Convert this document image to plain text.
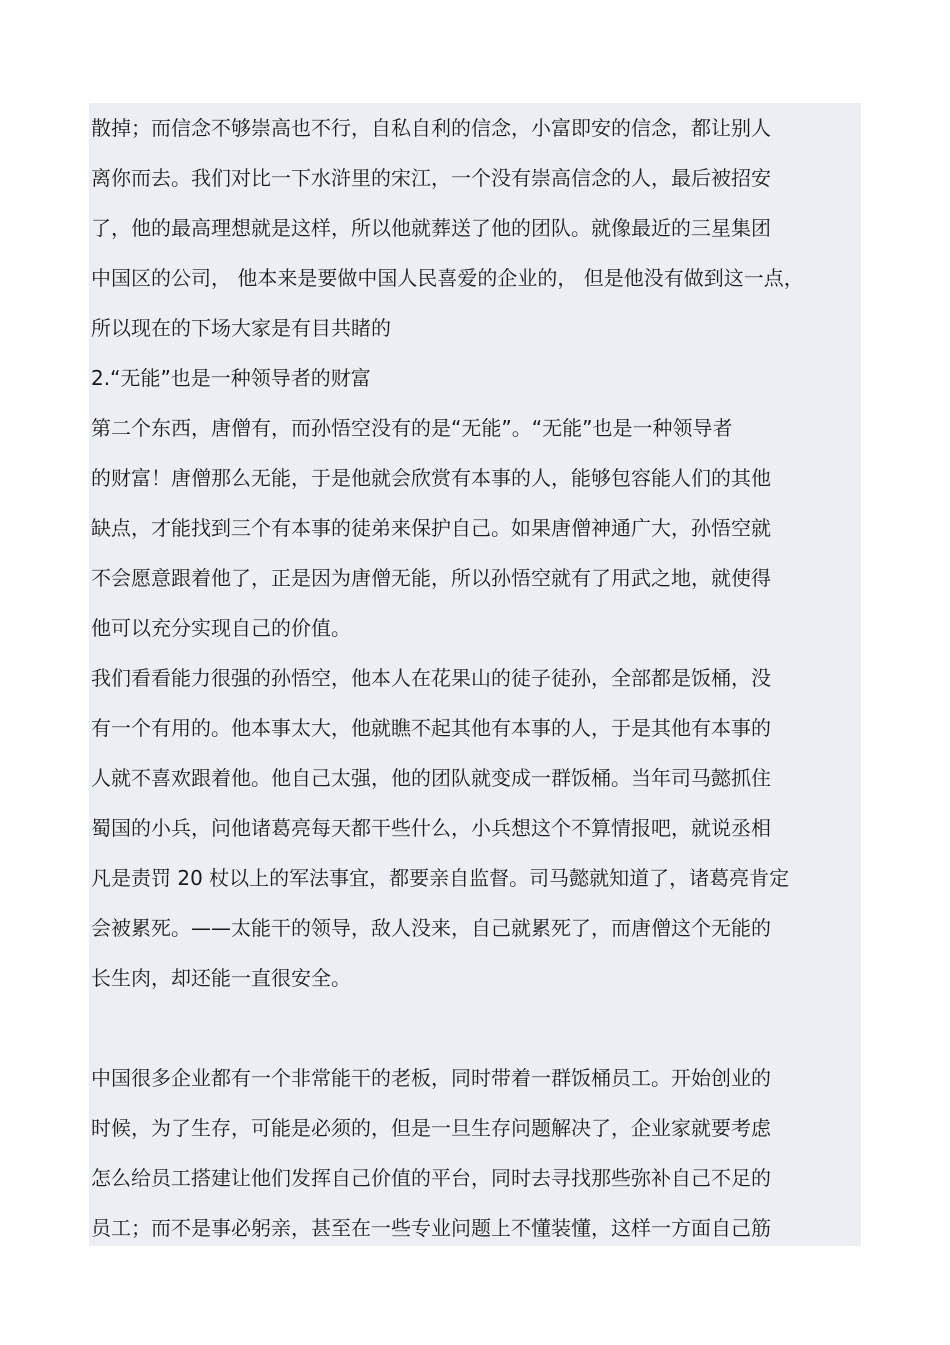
散掉；而信念不够崇高也不行，自私自利的信念，小富即安的信念，都让别人
离你而去。我们对比一下水浒里的宋江，一个没有崇高信念的人，最后被招安
了，他的最高理想就是这样，所以他就葬送了他的团队。就像最近的三星集团
中国区的公司， 他本来是要做中国人民喜爱的企业的， 但是他没有做到这一点，
所以现在的下场大家是有目共睹的
2.“无能”也是一种领导者的财富
第二个东西，唐僧有，而孙悟空没有的是“无能”。“无能”也是一种领导者
的财富！唐僧那么无能，于是他就会欣赏有本事的人，能够包容能人们的其他
缺点，才能找到三个有本事的徒弟来保护自己。如果唐僧神通广大，孙悟空就
不会愿意跟着他了，正是因为唐僧无能，所以孙悟空就有了用武之地，就使得
他可以充分实现自己的价值。
我们看看能力很强的孙悟空，他本人在花果山的徒子徒孙，全部都是饭桶，没
有一个有用的。他本事太大，他就瞧不起其他有本事的人，于是其他有本事的
人就不喜欢跟着他。他自己太强，他的团队就变成一群饭桶。当年司马懿抓住
蜀国的小兵，问他诸葛亮每天都干些什么，小兵想这个不算情报吧，就说丞相
凡是责罚 20 杖以上的军法事宜，都要亲自监督。司马懿就知道了，诸葛亮肯定
会被累死。——太能干的领导，敌人没来，自己就累死了，而唐僧这个无能的
长生肉，却还能一直很安全。
中国很多企业都有一个非常能干的老板，同时带着一群饭桶员工。开始创业的
时候，为了生存，可能是必须的，但是一旦生存问题解决了，企业家就要考虑
怎么给员工搭建让他们发挥自己价值的平台，同时去寻找那些弥补自己不足的
员工；而不是事必躬亲，甚至在一些专业问题上不懂装懂，这样一方面自己筋
